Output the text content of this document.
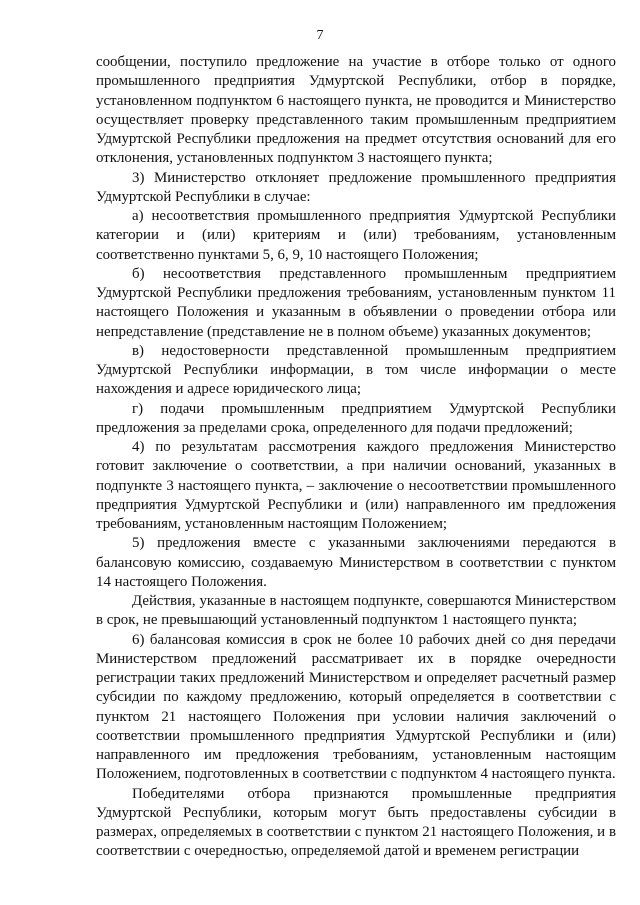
7

сообщении, поступило предложение на участие в отборе только от одного промышленного предприятия Удмуртской Республики, отбор в порядке, установленном подпунктом 6 настоящего пункта, не проводится и Министерство осуществляет проверку представленного таким промышленным предприятием Удмуртской Республики предложения на предмет отсутствия оснований для его отклонения, установленных подпунктом 3 настоящего пункта;

3) Министерство отклоняет предложение промышленного предприятия Удмуртской Республики в случае:

а) несоответствия промышленного предприятия Удмуртской Республики категории и (или) критериям и (или) требованиям, установленным соответственно пунктами 5, 6, 9, 10 настоящего Положения;

б) несоответствия представленного промышленным предприятием Удмуртской Республики предложения требованиям, установленным пунктом 11 настоящего Положения и указанным в объявлении о проведении отбора или непредставление (представление не в полном объеме) указанных документов;

в) недостоверности представленной промышленным предприятием Удмуртской Республики информации, в том числе информации о месте нахождения и адресе юридического лица;

г) подачи промышленным предприятием Удмуртской Республики предложения за пределами срока, определенного для подачи предложений;

4) по результатам рассмотрения каждого предложения Министерство готовит заключение о соответствии, а при наличии оснований, указанных в подпункте 3 настоящего пункта, – заключение о несоответствии промышленного предприятия Удмуртской Республики и (или) направленного им предложения требованиям, установленным настоящим Положением;

5) предложения вместе с указанными заключениями передаются в балансовую комиссию, создаваемую Министерством в соответствии с пунктом 14 настоящего Положения.

Действия, указанные в настоящем подпункте, совершаются Министерством в срок, не превышающий установленный подпунктом 1 настоящего пункта;

6) балансовая комиссия в срок не более 10 рабочих дней со дня передачи Министерством предложений рассматривает их в порядке очередности регистрации таких предложений Министерством и определяет расчетный размер субсидии по каждому предложению, который определяется в соответствии с пунктом 21 настоящего Положения при условии наличия заключений о соответствии промышленного предприятия Удмуртской Республики и (или) направленного им предложения требованиям, установленным настоящим Положением, подготовленных в соответствии с подпунктом 4 настоящего пункта.

Победителями отбора признаются промышленные предприятия Удмуртской Республики, которым могут быть предоставлены субсидии в размерах, определяемых в соответствии с пунктом 21 настоящего Положения, и в соответствии с очередностью, определяемой датой и временем регистрации
